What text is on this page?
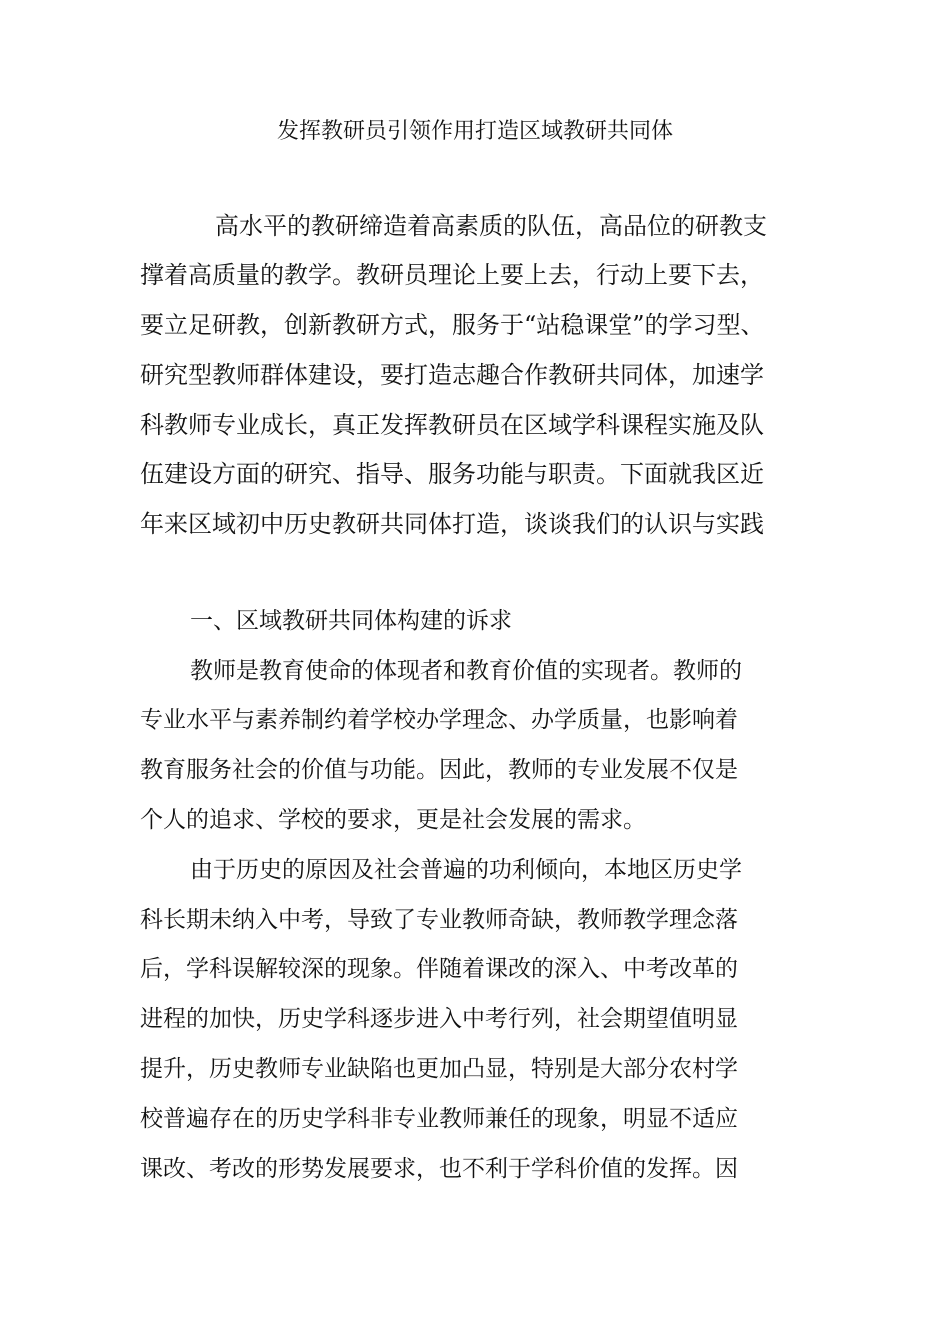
发挥教研员引领作用打造区域教研共同体
高水平的教研缔造着高素质的队伍，高品位的研教支
撑着高质量的教学。教研员理论上要上去，行动上要下去，
要立足研教，创新教研方式，服务于“站稳课堂”的学习型、
研究型教师群体建设，要打造志趣合作教研共同体，加速学
科教师专业成长，真正发挥教研员在区域学科课程实施及队
伍建设方面的研究、指导、服务功能与职责。下面就我区近
年来区域初中历史教研共同体打造，谈谈我们的认识与实践
一、区域教研共同体构建的诉求
教师是教育使命的体现者和教育价值的实现者。教师的
专业水平与素养制约着学校办学理念、办学质量，也影响着
教育服务社会的价值与功能。因此，教师的专业发展不仅是
个人的追求、学校的要求，更是社会发展的需求。
由于历史的原因及社会普遍的功利倾向，本地区历史学
科长期未纳入中考，导致了专业教师奇缺，教师教学理念落
后，学科误解较深的现象。伴随着课改的深入、中考改革的
进程的加快，历史学科逐步进入中考行列，社会期望值明显
提升，历史教师专业缺陷也更加凸显，特别是大部分农村学
校普遍存在的历史学科非专业教师兼任的现象，明显不适应
课改、考改的形势发展要求，也不利于学科价值的发挥。因
